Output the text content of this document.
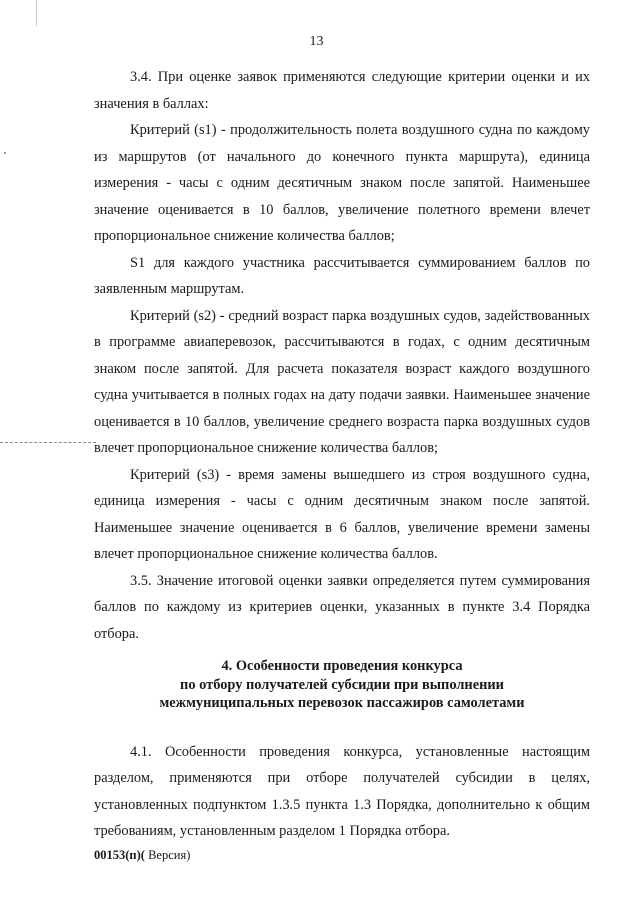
13

3.4. При оценке заявок применяются следующие критерии оценки и их значения в баллах:

Критерий (s1) - продолжительность полета воздушного судна по каждому из маршрутов (от начального до конечного пункта маршрута), единица измерения - часы с одним десятичным знаком после запятой. Наименьшее значение оценивается в 10 баллов, увеличение полетного времени влечет пропорциональное снижение количества баллов;

S1 для каждого участника рассчитывается суммированием баллов по заявленным маршрутам.

Критерий (s2) - средний возраст парка воздушных судов, задействованных в программе авиаперевозок, рассчитываются в годах, с одним десятичным знаком после запятой. Для расчета показателя возраст каждого воздушного судна учитывается в полных годах на дату подачи заявки. Наименьшее значение оценивается в 10 баллов, увеличение среднего возраста парка воздушных судов влечет пропорциональное снижение количества баллов;

Критерий (s3) - время замены вышедшего из строя воздушного судна, единица измерения - часы с одним десятичным знаком после запятой. Наименьшее значение оценивается в 6 баллов, увеличение времени замены влечет пропорциональное снижение количества баллов.

3.5. Значение итоговой оценки заявки определяется путем суммирования баллов по каждому из критериев оценки, указанных в пункте 3.4 Порядка отбора.

4. Особенности проведения конкурса
по отбору получателей субсидии при выполнении
межмуниципальных перевозок пассажиров самолетами

4.1. Особенности проведения конкурса, установленные настоящим разделом, применяются при отборе получателей субсидии в целях, установленных подпунктом 1.3.5 пункта 1.3 Порядка, дополнительно к общим требованиям, установленным разделом 1 Порядка отбора.

00153(п)( Версия)
